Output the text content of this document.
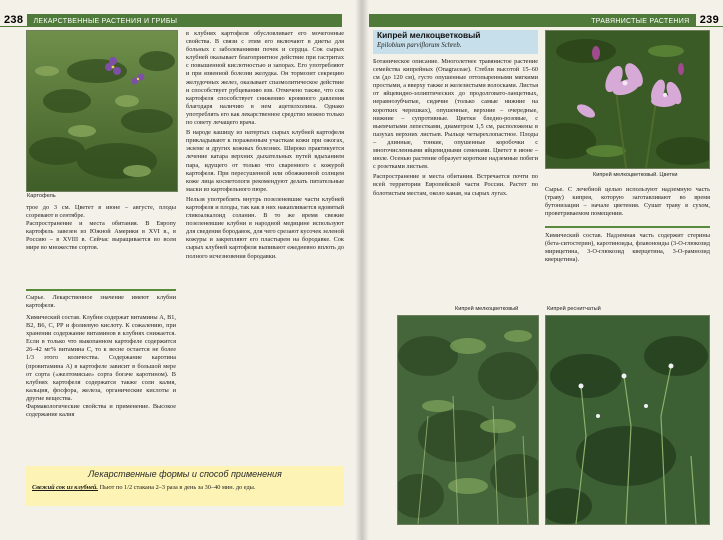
238 ЛЕКАРСТВЕННЫЕ РАСТЕНИЯ И ГРИБЫ
Картофель

трое до 3 см. Цветет в июне – августе, плоды созревают в сентябре.

Распространение и места обитания. В Европу картофель завезен из Южной Америки в XVI в., в Россию – в XVIII в. Сейчас выращивается во всем мире во множестве сортов.

Сырье. Лекарственное значение имеют клубни картофеля.

Химический состав. Клубни содержат витамины А, В1, В2, В6, С, РР и фолиевую кислоту. К сожалению, при хранении содержание витаминов в клубнях снижается. Если в только что выкопанном картофеле содержится 26–42 мг% витамина С, то к весне остается не более 1/3 этого количества. Содержание каротина (провитамина А) в картофеле зависит в большой мере от сорта («желтомясые» сорта богаче каротином). В клубнях картофеля содержатся также соли калия, кальция, фосфора, железа, органические кислоты и другие вещества.

Фармакологические свойства и применение. Высокое содержание калия

в клубнях картофеля обусловливает его мочегонные свойства. В связи с этим его включают в диеты для больных с заболеваниями почек и сердца. Сок сырых клубней оказывает благоприятное действие при гастритах с повышенной кислотностью и запорах. Его употребляют и при язвенной болезни желудка. Он тормозит секрецию желудочных желез, оказывает спазмолитическое действие и способствует рубцеванию язв. Отмечено также, что сок картофеля способствует снижению кровяного давления благодаря наличию в нем ацетилхолина. Однако употреблять его как лекарственное средство можно только по совету лечащего врача.

В народе кашицу из натертых сырых клубней картофеля прикладывают к пораженным участкам кожи при ожогах, экземе и других кожных болезнях. Широко практикуется лечение катара верхних дыхательных путей вдыханием пара, идущего от только что сваренного с кожурой картофеля. При пересушенной или обожженной солнцем коже лица косметологи рекомендуют делать питательные маски из картофельного пюре.

Нельзя употреблять внутрь позеленевшие части клубней картофеля и плоды, так как в них накапливается ядовитый гликоалкалоид соланин. В то же время свежие позеленевшие клубни в народной медицине используют для сведения бородавок, для чего срезают кусочек зеленой кожуры и закрепляют его пластырем на бородавке. Сок сырых клубней картофеля выпивают ежедневно вплоть до полного исчезновения бородавки.

Лекарственные формы и способ применения
Свежий сок из клубней. Пьют по 1/2 стакана 2–3 раза в день за 30–40 мин. до еды.
ТРАВЯНИСТЫЕ РАСТЕНИЯ 239
Кипрей мелкоцветковый
Epilobium parviflorum Schreb.

Ботаническое описание. Многолетнее травянистое растение семейства кипрейных (Onagraceae). Стебли высотой 15–60 см (до 120 см), густо опушенные оттопыренными мягкими простыми, а вверху также и железистыми волосками. Листья от яйцевидно-эллиптических до продолговато-ланцетных, неравнозубчатые, сидячие (только самые нижние на коротких черешках), опушенные, верхние – очередные, нижние – супротивные. Цветки бледно-розовые, с выемчатыми лепестками, диаметром 1,5 см, расположены в пазухах верхних листьев. Рыльце четырехлопастное. Плоды – длинные, тонкие, опушенные коробочки с многочисленными яйцевидными семенами. Цветет в июне – июле. Осенью растение образует короткие надземные побеги с розетками листьев.

Распространение и места обитания. Встречается почти по всей территории Европейской части России. Растет по болотистым местам, около канав, на сырых лугах.

Кипрей мелкоцветковый. Цветки

Сырье. С лечебной целью используют надземную часть (траву) кипрея, которую заготавливают во время бутонизации – начале цветения. Сушат траву в сухом, проветриваемом помещении.

Химический состав. Надземная часть содержит стерины (бета-ситостерин), каротиноиды, флавоноиды (3-О-глюкозид мирицетина, 3-О-глюкозид кверцетина, 3-О-рамнозид кверцетина).

Кипрей мелкоцветковый	Кипрей реснитчатый
